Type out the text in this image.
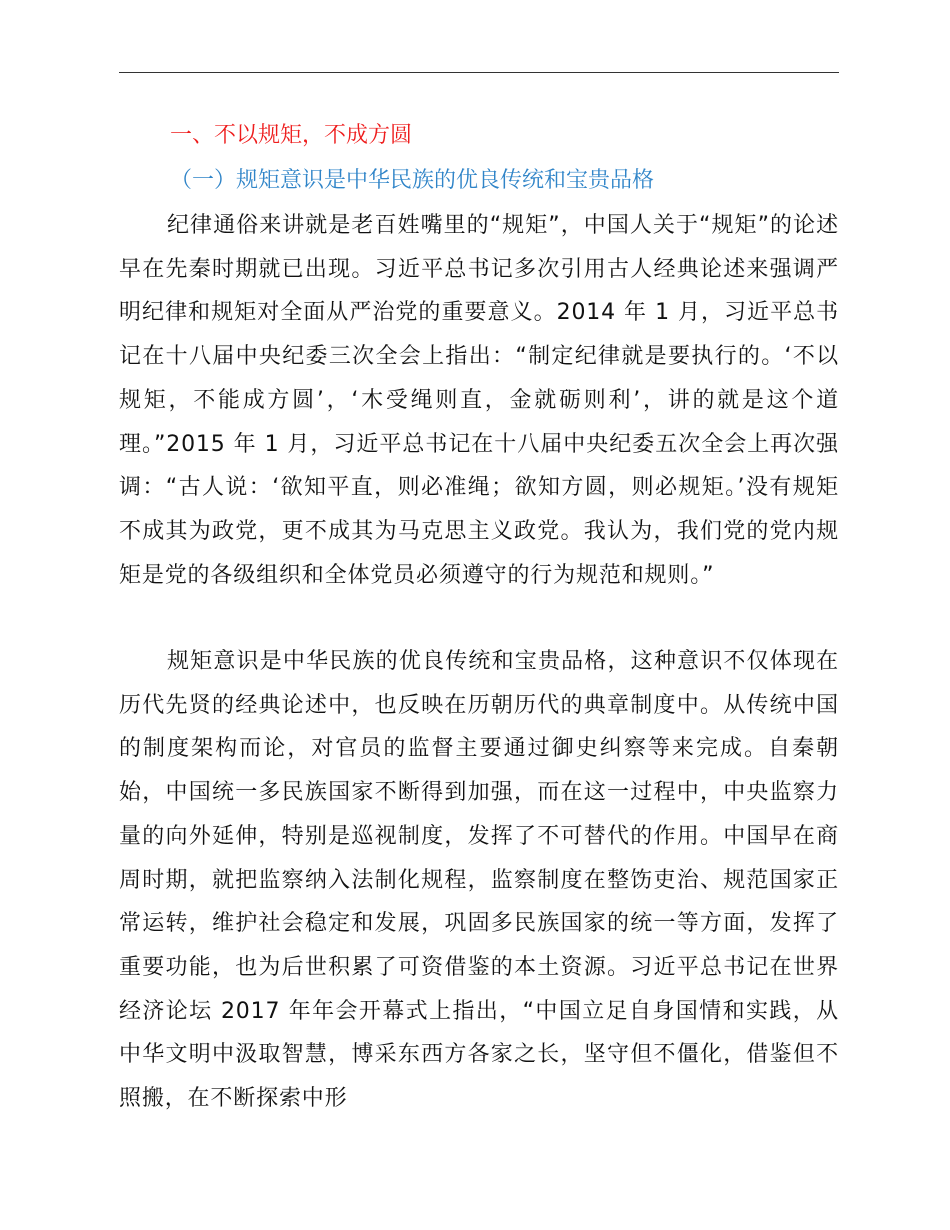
一、不以规矩，不成方圆
（一）规矩意识是中华民族的优良传统和宝贵品格

纪律通俗来讲就是老百姓嘴里的“规矩”，中国人关于“规矩”的论述早在先秦时期就已出现。习近平总书记多次引用古人经典论述来强调严明纪律和规矩对全面从严治党的重要意义。2014 年 1 月，习近平总书记在十八届中央纪委三次全会上指出：“制定纪律就是要执行的。‘不以规矩，不能成方圆’，‘木受绳则直，金就砺则利’，讲的就是这个道理。”2015 年 1 月，习近平总书记在十八届中央纪委五次全会上再次强调：“古人说：‘欲知平直，则必准绳；欲知方圆，则必规矩。’没有规矩不成其为政党，更不成其为马克思主义政党。我认为，我们党的党内规矩是党的各级组织和全体党员必须遵守的行为规范和规则。”

规矩意识是中华民族的优良传统和宝贵品格，这种意识不仅体现在历代先贤的经典论述中，也反映在历朝历代的典章制度中。从传统中国的制度架构而论，对官员的监督主要通过御史纠察等来完成。自秦朝始，中国统一多民族国家不断得到加强，而在这一过程中，中央监察力量的向外延伸，特别是巡视制度，发挥了不可替代的作用。中国早在商周时期，就把监察纳入法制化规程，监察制度在整饬吏治、规范国家正常运转，维护社会稳定和发展，巩固多民族国家的统一等方面，发挥了重要功能，也为后世积累了可资借鉴的本土资源。习近平总书记在世界经济论坛 2017 年年会开幕式上指出，“中国立足自身国情和实践，从中华文明中汲取智慧，博采东西方各家之长，坚守但不僵化，借鉴但不照搬，在不断探索中形
